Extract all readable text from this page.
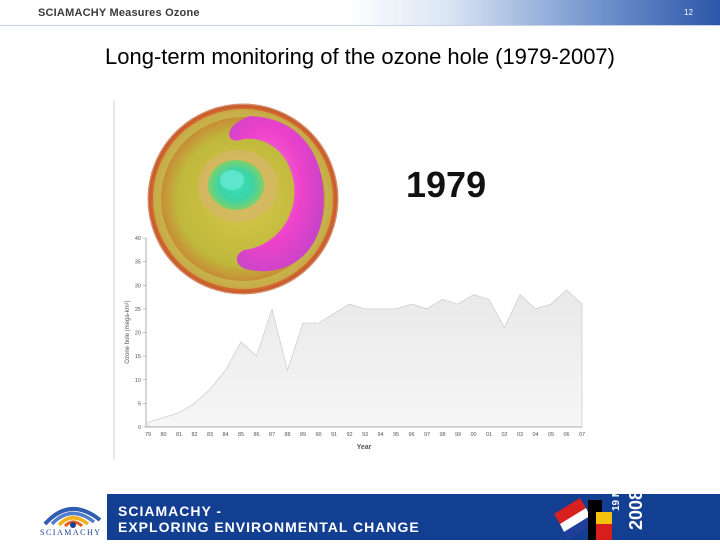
SCIAMACHY Measures Ozone	12
Long-term monitoring of the ozone hole (1979-2007)
0
5
10
15
20
25
30
35
40
79 80 81 82 83 84 85 86 87 88 89 90 91 92 93 94 95 96 97 98 99 00 01 02 03 04 05 06 07
Ozone hole (mega-km²)
Year
1979
SCIAMACHY
SCIAMACHY -
EXPLORING ENVIRONMENTAL CHANGE
19 May 2008
